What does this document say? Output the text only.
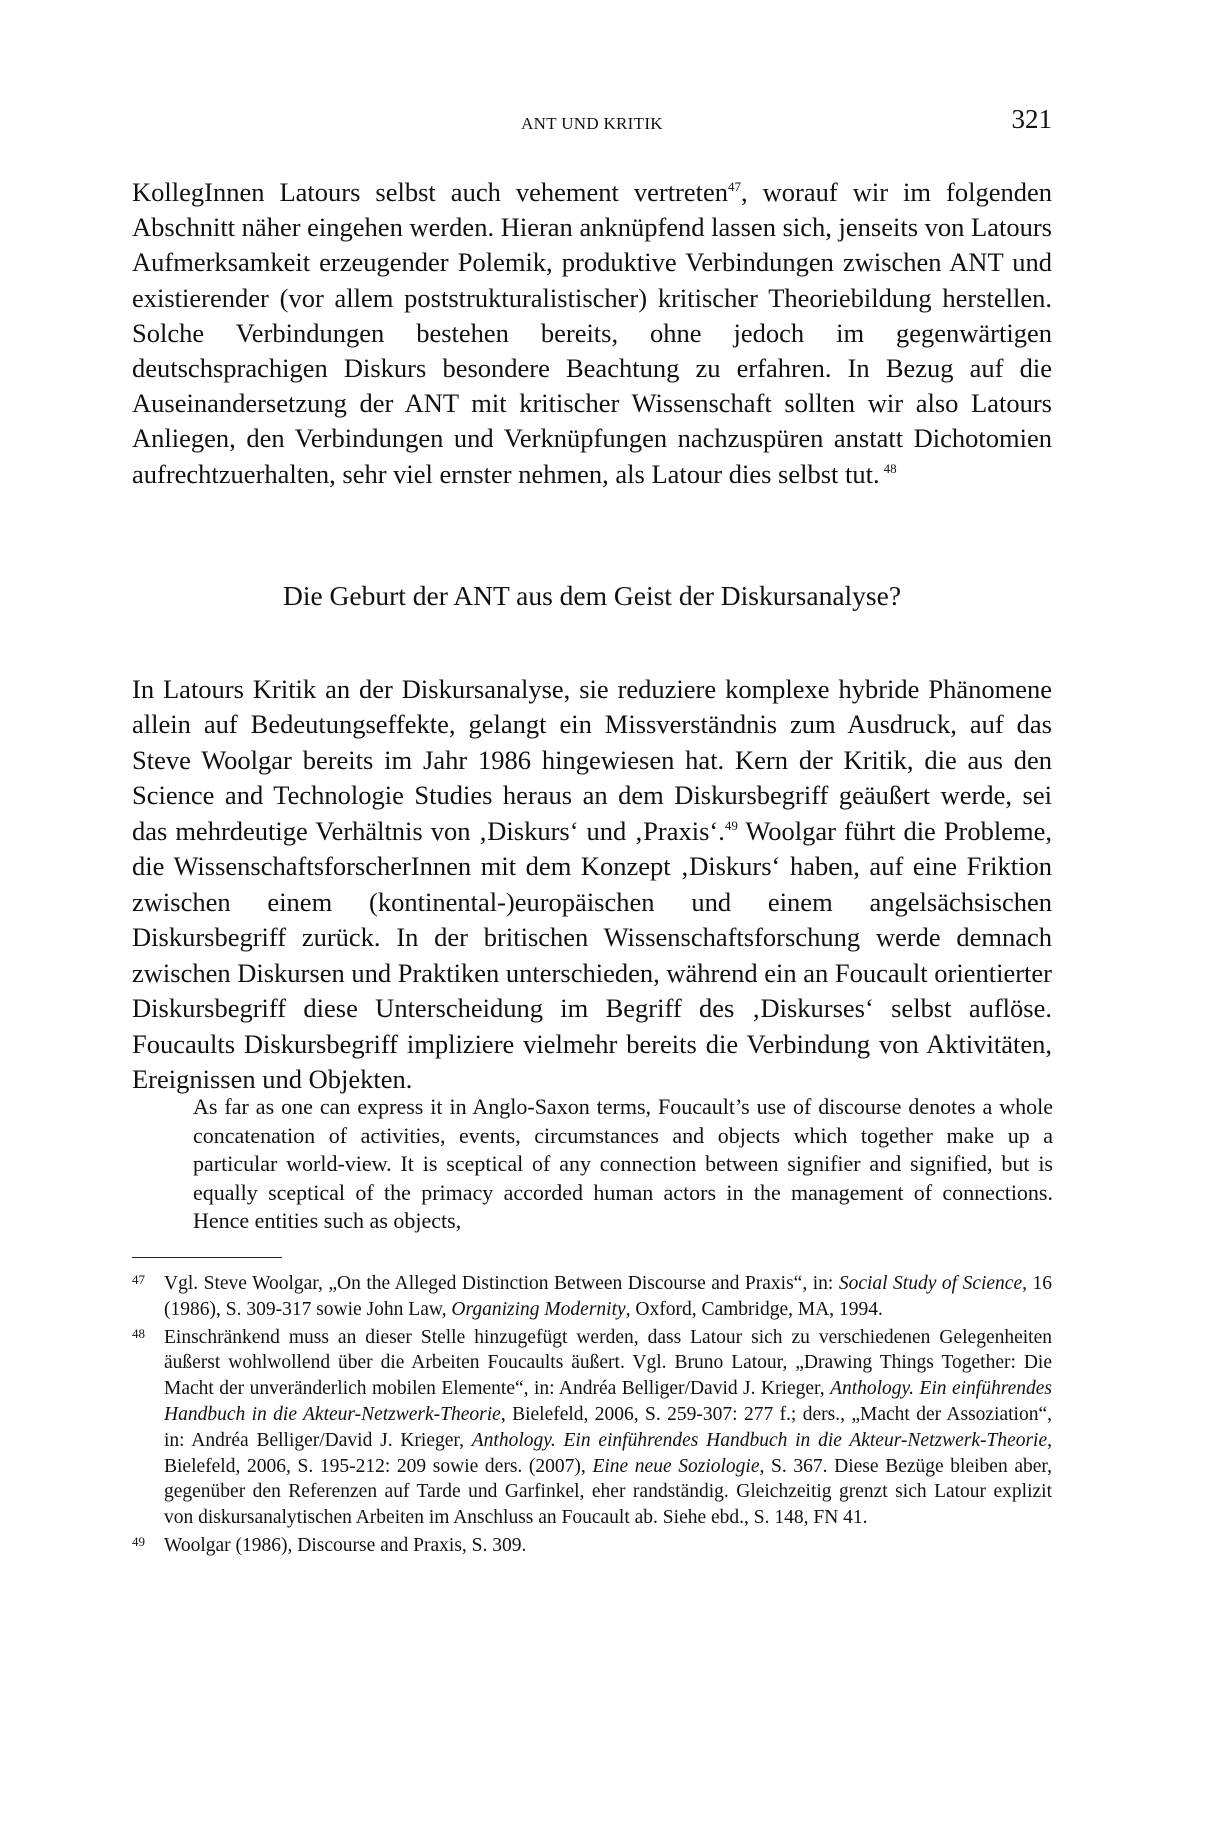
ANT UND KRITIK	321

KollegInnen Latours selbst auch vehement vertreten$^{47}$, worauf wir im folgenden Abschnitt näher eingehen werden. Hieran anknüpfend lassen sich, jenseits von Latours Aufmerksamkeit erzeugender Polemik, produktive Verbindungen zwischen ANT und existierender (vor allem poststrukturalistischer) kritischer Theoriebildung herstellen. Solche Verbindungen bestehen bereits, ohne jedoch im gegenwärtigen deutschsprachigen Diskurs besondere Beachtung zu erfahren. In Bezug auf die Auseinandersetzung der ANT mit kritischer Wissenschaft sollten wir also Latours Anliegen, den Verbindungen und Verknüpfungen nachzuspüren anstatt Dichotomien aufrechtzuerhalten, sehr viel ernster nehmen, als Latour dies selbst tut. $^{48}$

Die Geburt der ANT aus dem Geist der Diskursanalyse?

In Latours Kritik an der Diskursanalyse, sie reduziere komplexe hybride Phänomene allein auf Bedeutungseffekte, gelangt ein Missverständnis zum Ausdruck, auf das Steve Woolgar bereits im Jahr 1986 hingewiesen hat. Kern der Kritik, die aus den Science and Technologie Studies heraus an dem Diskursbegriff geäußert werde, sei das mehrdeutige Verhältnis von ‚Diskurs‘ und ‚Praxis‘.$^{49}$ Woolgar führt die Probleme, die WissenschaftsforscherInnen mit dem Konzept ‚Diskurs‘ haben, auf eine Friktion zwischen einem (kontinental-)europäischen und einem angelsächsischen Diskursbegriff zurück. In der britischen Wissenschaftsforschung werde demnach zwischen Diskursen und Praktiken unterschieden, während ein an Foucault orientierter Diskursbegriff diese Unterscheidung im Begriff des ‚Diskurses‘ selbst auflöse. Foucaults Diskursbegriff impliziere vielmehr bereits die Verbindung von Aktivitäten, Ereignissen und Objekten.

As far as one can express it in Anglo-Saxon terms, Foucault’s use of discourse denotes a whole concatenation of activities, events, circumstances and objects which together make up a particular world-view. It is sceptical of any connection between signifier and signified, but is equally sceptical of the primacy accorded human actors in the management of connections. Hence entities such as objects,
47 Vgl. Steve Woolgar, „On the Alleged Distinction Between Discourse and Praxis“, in: Social Study of Science, 16 (1986), S. 309-317 sowie John Law, Organizing Modernity, Oxford, Cambridge, MA, 1994.
48 Einschränkend muss an dieser Stelle hinzugefügt werden, dass Latour sich zu verschiedenen Gelegenheiten äußerst wohlwollend über die Arbeiten Foucaults äußert. Vgl. Bruno Latour, „Drawing Things Together: Die Macht der unveränderlich mobilen Elemente“, in: Andréa Belliger/David J. Krieger, Anthology. Ein einführendes Handbuch in die Akteur-Netzwerk-Theorie, Bielefeld, 2006, S. 259-307: 277 f.; ders., „Macht der Assoziation“, in: Andréa Belliger/David J. Krieger, Anthology. Ein einführendes Handbuch in die Akteur-Netzwerk-Theorie, Bielefeld, 2006, S. 195-212: 209 sowie ders. (2007), Eine neue Soziologie, S. 367. Diese Bezüge bleiben aber, gegenüber den Referenzen auf Tarde und Garfinkel, eher randständig. Gleichzeitig grenzt sich Latour explizit von diskursanalytischen Arbeiten im Anschluss an Foucault ab. Siehe ebd., S. 148, FN 41.
49 Woolgar (1986), Discourse and Praxis, S. 309.
